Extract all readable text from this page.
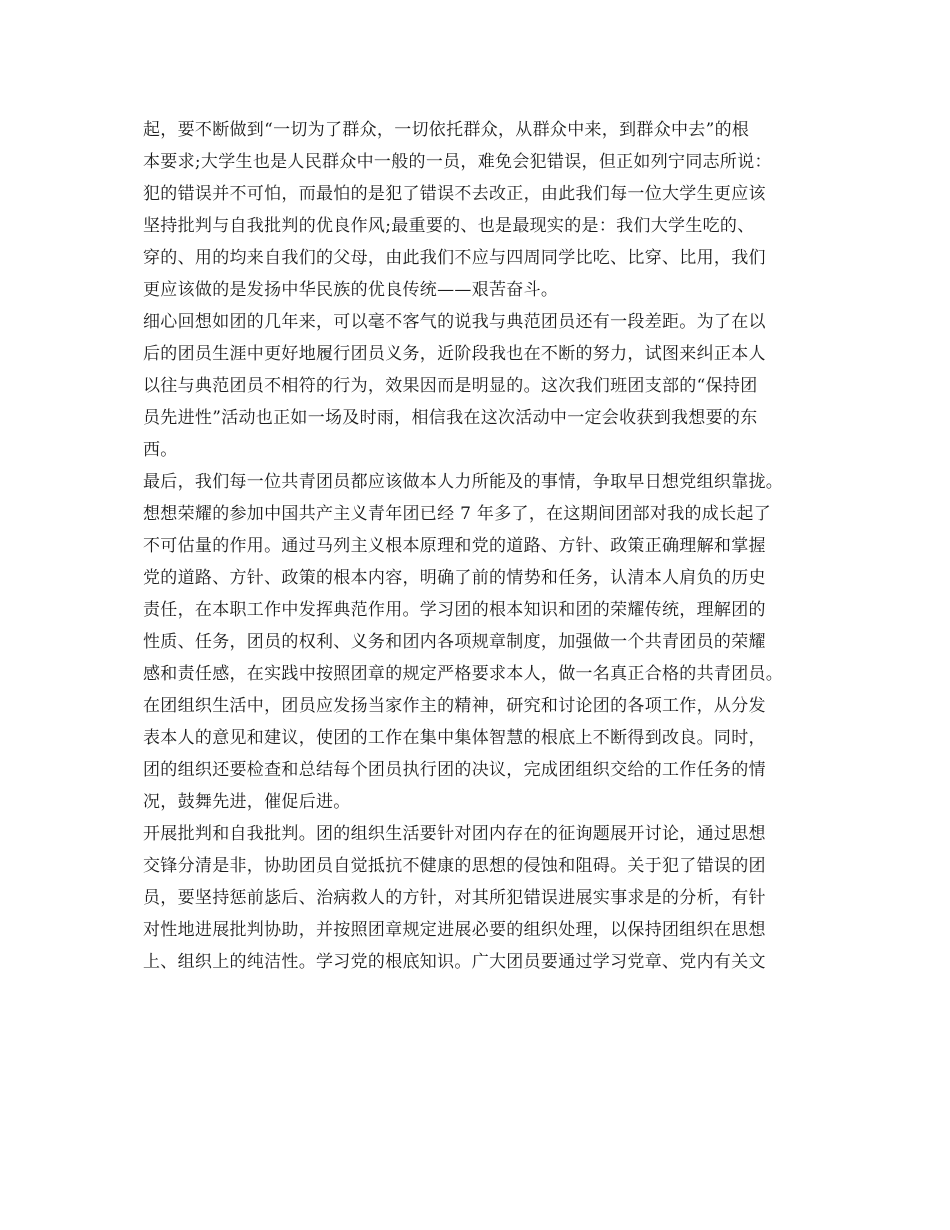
起，要不断做到“一切为了群众，一切依托群众，从群众中来，到群众中去”的根
本要求;大学生也是人民群众中一般的一员，难免会犯错误，但正如列宁同志所说：
犯的错误并不可怕，而最怕的是犯了错误不去改正，由此我们每一位大学生更应该
坚持批判与自我批判的优良作风;最重要的、也是最现实的是：我们大学生吃的、
穿的、用的均来自我们的父母，由此我们不应与四周同学比吃、比穿、比用，我们
更应该做的是发扬中华民族的优良传统——艰苦奋斗。
细心回想如团的几年来，可以毫不客气的说我与典范团员还有一段差距。为了在以
后的团员生涯中更好地履行团员义务，近阶段我也在不断的努力，试图来纠正本人
以往与典范团员不相符的行为，效果因而是明显的。这次我们班团支部的“保持团
员先进性”活动也正如一场及时雨，相信我在这次活动中一定会收获到我想要的东
西。
最后，我们每一位共青团员都应该做本人力所能及的事情，争取早日想党组织靠拢。
想想荣耀的参加中国共产主义青年团已经 7 年多了，在这期间团部对我的成长起了
不可估量的作用。通过马列主义根本原理和党的道路、方针、政策正确理解和掌握
党的道路、方针、政策的根本内容，明确了前的情势和任务，认清本人肩负的历史
责任，在本职工作中发挥典范作用。学习团的根本知识和团的荣耀传统，理解团的
性质、任务，团员的权利、义务和团内各项规章制度，加强做一个共青团员的荣耀
感和责任感，在实践中按照团章的规定严格要求本人，做一名真正合格的共青团员。
在团组织生活中，团员应发扬当家作主的精神，研究和讨论团的各项工作，从分发
表本人的意见和建议，使团的工作在集中集体智慧的根底上不断得到改良。同时，
团的组织还要检查和总结每个团员执行团的决议，完成团组织交给的工作任务的情
况，鼓舞先进，催促后进。
开展批判和自我批判。团的组织生活要针对团内存在的征询题展开讨论，通过思想
交锋分清是非，协助团员自觉抵抗不健康的思想的侵蚀和阻碍。关于犯了错误的团
员，要坚持惩前毖后、治病救人的方针，对其所犯错误进展实事求是的分析，有针
对性地进展批判协助，并按照团章规定进展必要的组织处理，以保持团组织在思想
上、组织上的纯洁性。学习党的根底知识。广大团员要通过学习党章、党内有关文
